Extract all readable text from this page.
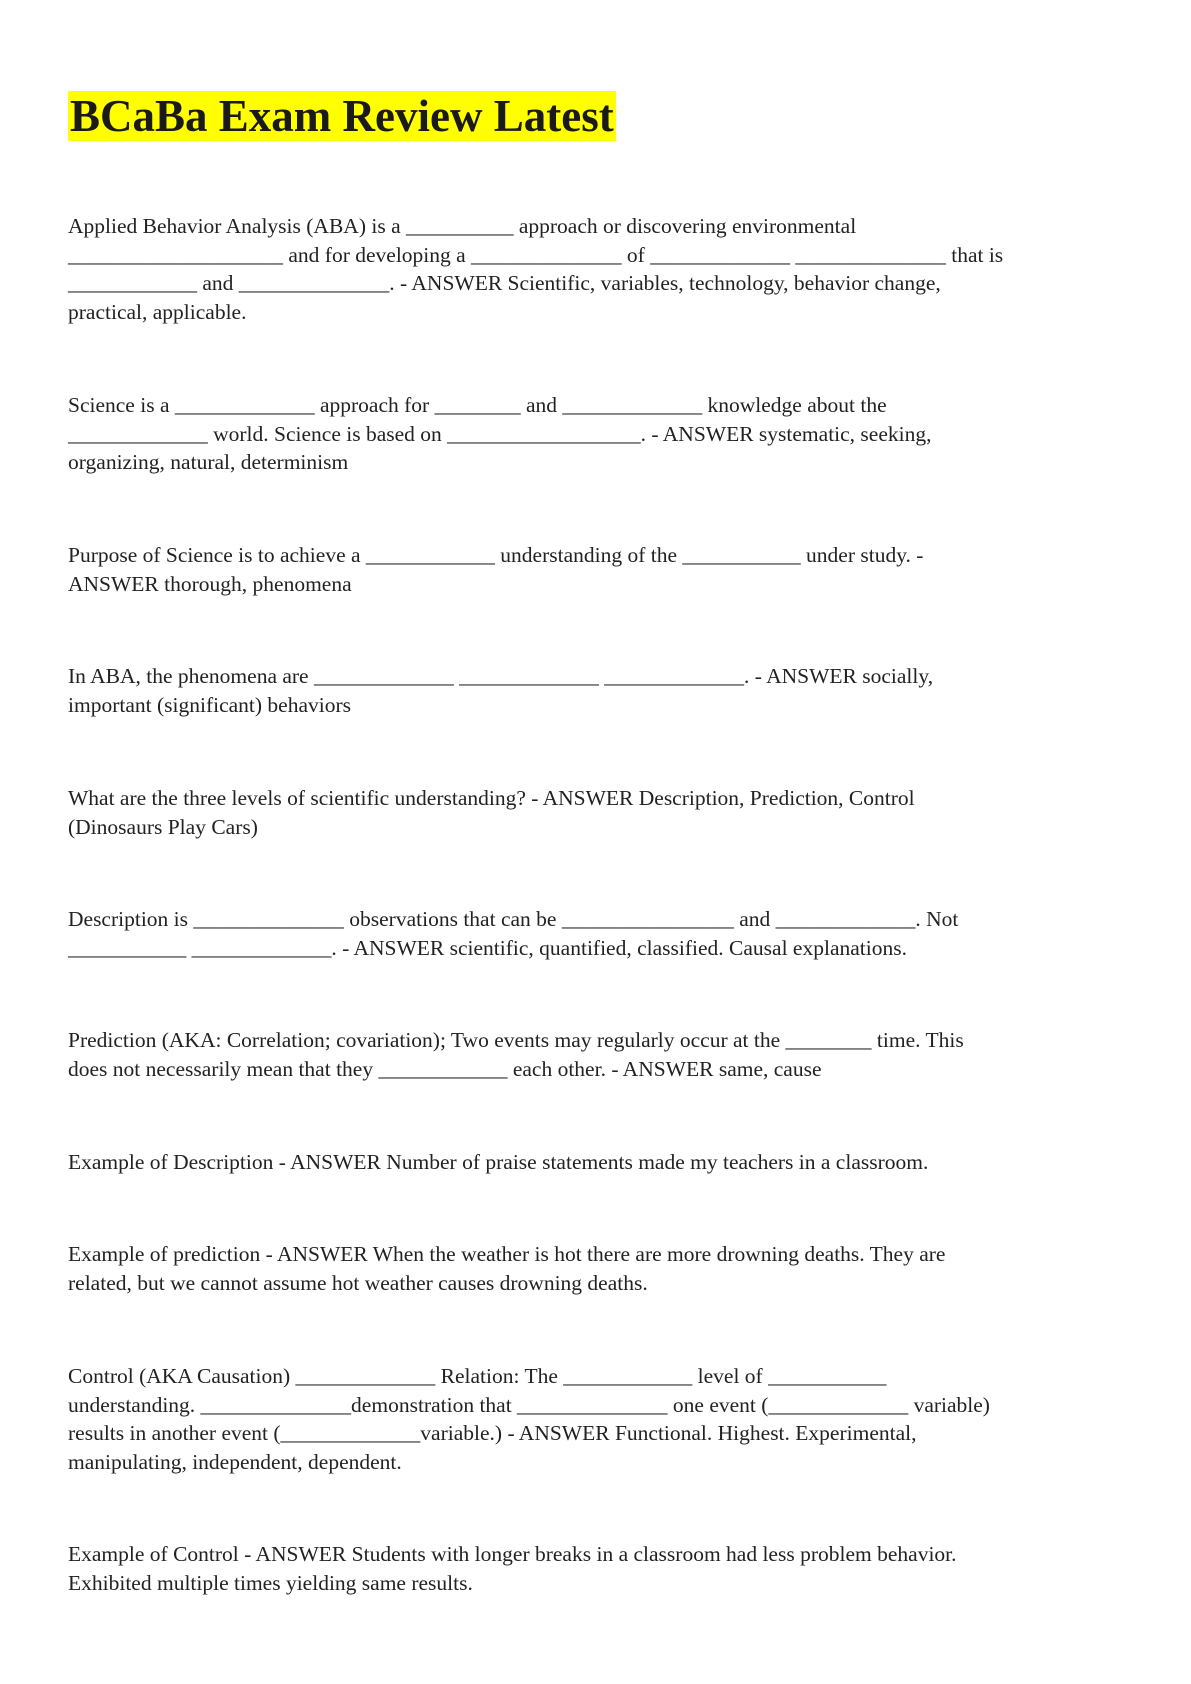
BCaBa Exam Review Latest

Applied Behavior Analysis (ABA) is a __________ approach or discovering environmental
____________________ and for developing a ______________ of _____________ ______________ that is
____________ and ______________. - ANSWER Scientific, variables, technology, behavior change,
practical, applicable.

Science is a _____________ approach for ________ and _____________ knowledge about the
_____________ world. Science is based on __________________. - ANSWER systematic, seeking,
organizing, natural, determinism

Purpose of Science is to achieve a ____________ understanding of the ___________ under study. -
ANSWER thorough, phenomena

In ABA, the phenomena are _____________ _____________ _____________. - ANSWER socially,
important (significant) behaviors

What are the three levels of scientific understanding? - ANSWER Description, Prediction, Control
(Dinosaurs Play Cars)

Description is ______________ observations that can be ________________ and _____________. Not
___________ _____________. - ANSWER scientific, quantified, classified. Causal explanations.

Prediction (AKA: Correlation; covariation); Two events may regularly occur at the ________ time. This
does not necessarily mean that they ____________ each other. - ANSWER same, cause

Example of Description - ANSWER Number of praise statements made my teachers in a classroom.

Example of prediction - ANSWER When the weather is hot there are more drowning deaths. They are
related, but we cannot assume hot weather causes drowning deaths.

Control (AKA Causation) _____________ Relation: The ____________ level of ___________
understanding. ______________demonstration that ______________ one event (_____________ variable)
results in another event (_____________variable.) - ANSWER Functional. Highest. Experimental,
manipulating, independent, dependent.

Example of Control - ANSWER Students with longer breaks in a classroom had less problem behavior.
Exhibited multiple times yielding same results.
